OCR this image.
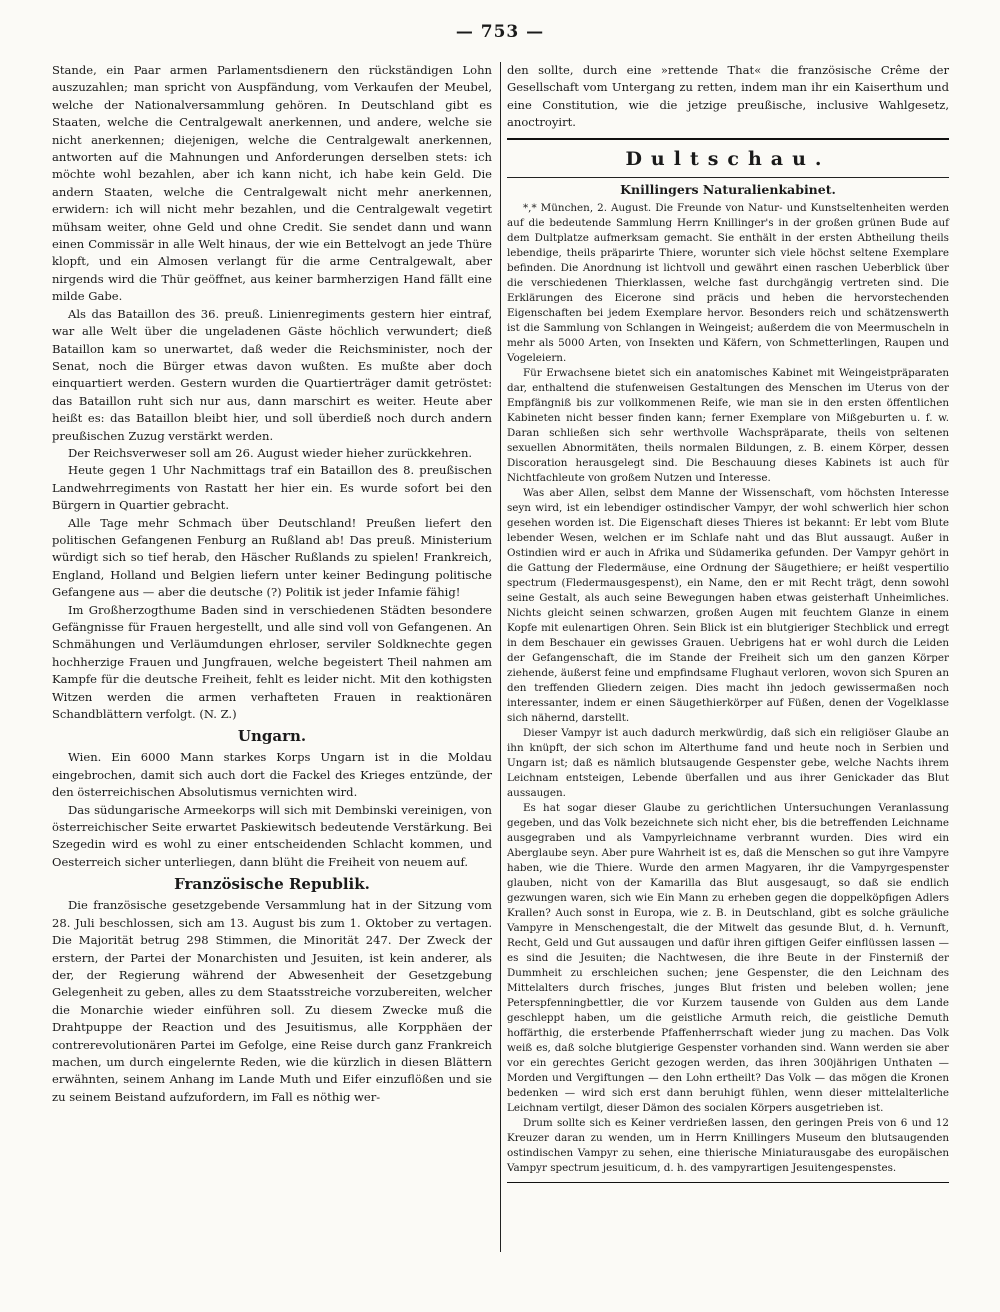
— 753 —

Stande, ein Paar armen Parlamentsdienern den rückständigen Lohn auszuzahlen; man spricht von Auspfändung, vom Verkaufen der Meubel, welche der Nationalversammlung gehören. In Deutschland gibt es Staaten, welche die Centralgewalt anerkennen, und andere, welche sie nicht anerkennen; diejenigen, welche die Centralgewalt anerkennen, antworten auf die Mahnungen und Anforderungen derselben stets: ich möchte wohl bezahlen, aber ich kann nicht, ich habe kein Geld. Die andern Staaten, welche die Centralgewalt nicht mehr anerkennen, erwidern: ich will nicht mehr bezahlen, und die Centralgewalt vegetirt mühsam weiter, ohne Geld und ohne Credit. Sie sendet dann und wann einen Commissär in alle Welt hinaus, der wie ein Bettelvogt an jede Thüre klopft, und ein Almosen verlangt für die arme Centralgewalt, aber nirgends wird die Thür geöffnet, aus keiner barmherzigen Hand fällt eine milde Gabe.

Als das Bataillon des 36. preuß. Linienregiments gestern hier eintraf, war alle Welt über die ungeladenen Gäste höchlich verwundert; dieß Bataillon kam so unerwartet, daß weder die Reichsminister, noch der Senat, noch die Bürger etwas davon wußten. Es mußte aber doch einquartiert werden. Gestern wurden die Quartierträger damit getröstet: das Bataillon ruht sich nur aus, dann marschirt es weiter. Heute aber heißt es: das Bataillon bleibt hier, und soll überdieß noch durch andern preußischen Zuzug verstärkt werden.

Der Reichsverweser soll am 26. August wieder hieher zurückkehren.

Heute gegen 1 Uhr Nachmittags traf ein Bataillon des 8. preußischen Landwehrregiments von Rastatt her hier ein. Es wurde sofort bei den Bürgern in Quartier gebracht.

Alle Tage mehr Schmach über Deutschland! Preußen liefert den politischen Gefangenen Fenburg an Rußland ab! Das preuß. Ministerium würdigt sich so tief herab, den Häscher Rußlands zu spielen! Frankreich, England, Holland und Belgien liefern unter keiner Bedingung politische Gefangene aus — aber die deutsche (?) Politik ist jeder Infamie fähig!

Im Großherzogthume Baden sind in verschiedenen Städten besondere Gefängnisse für Frauen hergestellt, und alle sind voll von Gefangenen. An Schmähungen und Verläumdungen ehrloser, serviler Soldknechte gegen hochherzige Frauen und Jungfrauen, welche begeistert Theil nahmen am Kampfe für die deutsche Freiheit, fehlt es leider nicht. Mit den kothigsten Witzen werden die armen verhafteten Frauen in reaktionären Schandblättern verfolgt. (N. Z.)

Ungarn.

Wien. Ein 6000 Mann starkes Korps Ungarn ist in die Moldau eingebrochen, damit sich auch dort die Fackel des Krieges entzünde, der den österreichischen Absolutismus vernichten wird.

Das südungarische Armeekorps will sich mit Dembinski vereinigen, von österreichischer Seite erwartet Paskiewitsch bedeutende Verstärkung. Bei Szegedin wird es wohl zu einer entscheidenden Schlacht kommen, und Oesterreich sicher unterliegen, dann blüht die Freiheit von neuem auf.

Französische Republik.

Die französische gesetzgebende Versammlung hat in der Sitzung vom 28. Juli beschlossen, sich am 13. August bis zum 1. Oktober zu vertagen. Die Majorität betrug 298 Stimmen, die Minorität 247. Der Zweck der erstern, der Partei der Monarchisten und Jesuiten, ist kein anderer, als der, der Regierung während der Abwesenheit der Gesetzgebung Gelegenheit zu geben, alles zu dem Staatsstreiche vorzubereiten, welcher die Monarchie wieder einführen soll. Zu diesem Zwecke muß die Drahtpuppe der Reaction und des Jesuitismus, alle Korpphäen der contrerevolutionären Partei im Gefolge, eine Reise durch ganz Frankreich machen, um durch eingelernte Reden, wie die kürzlich in diesen Blättern erwähnten, seinem Anhang im Lande Muth und Eifer einzuflößen und sie zu seinem Beistand aufzufordern, im Fall es nöthig wer-

den sollte, durch eine »rettende That« die französische Crême der Gesellschaft vom Untergang zu retten, indem man ihr ein Kaiserthum und eine Constitution, wie die jetzige preußische, inclusive Wahlgesetz, anoctroyirt.

Dultschau.
Knillingers Naturalienkabinet.

*,* München, 2. August. Die Freunde von Natur- und Kunstseltenheiten werden auf die bedeutende Sammlung Herrn Knillinger's in der großen grünen Bude auf dem Dultplatze aufmerksam gemacht. Sie enthält in der ersten Abtheilung theils lebendige, theils präparirte Thiere, worunter sich viele höchst seltene Exemplare befinden. Die Anordnung ist lichtvoll und gewährt einen raschen Ueberblick über die verschiedenen Thierklassen, welche fast durchgängig vertreten sind. Die Erklärungen des Eicerone sind präcis und heben die hervorstechenden Eigenschaften bei jedem Exemplare hervor. Besonders reich und schätzenswerth ist die Sammlung von Schlangen in Weingeist; außerdem die von Meermuscheln in mehr als 5000 Arten, von Insekten und Käfern, von Schmetterlingen, Raupen und Vogeleiern.

Für Erwachsene bietet sich ein anatomisches Kabinet mit Weingeistpräparaten dar, enthaltend die stufenweisen Gestaltungen des Menschen im Uterus von der Empfängniß bis zur vollkommenen Reife, wie man sie in den ersten öffentlichen Kabineten nicht besser finden kann; ferner Exemplare von Mißgeburten u. f. w. Daran schließen sich sehr werthvolle Wachspräparate, theils von seltenen sexuellen Abnormitäten, theils normalen Bildungen, z. B. einem Körper, dessen Discoration herausgelegt sind. Die Beschauung dieses Kabinets ist auch für Nichtfachleute von großem Nutzen und Interesse.

Was aber Allen, selbst dem Manne der Wissenschaft, vom höchsten Interesse seyn wird, ist ein lebendiger ostindischer Vampyr, der wohl schwerlich hier schon gesehen worden ist. Die Eigenschaft dieses Thieres ist bekannt: Er lebt vom Blute lebender Wesen, welchen er im Schlafe naht und das Blut aussaugt. Außer in Ostindien wird er auch in Afrika und Südamerika gefunden. Der Vampyr gehört in die Gattung der Fledermäuse, eine Ordnung der Säugethiere; er heißt vespertilio spectrum (Fledermausgespenst), ein Name, den er mit Recht trägt, denn sowohl seine Gestalt, als auch seine Bewegungen haben etwas geisterhaft Unheimliches. Nichts gleicht seinen schwarzen, großen Augen mit feuchtem Glanze in einem Kopfe mit eulenartigen Ohren. Sein Blick ist ein blutgieriger Stechblick und erregt in dem Beschauer ein gewisses Grauen. Uebrigens hat er wohl durch die Leiden der Gefangenschaft, die im Stande der Freiheit sich um den ganzen Körper ziehende, äußerst feine und empfindsame Flughaut verloren, wovon sich Spuren an den treffenden Gliedern zeigen. Dies macht ihn jedoch gewissermaßen noch interessanter, indem er einen Säugethierkörper auf Füßen, denen der Vogelklasse sich nähernd, darstellt.

Dieser Vampyr ist auch dadurch merkwürdig, daß sich ein religiöser Glaube an ihn knüpft, der sich schon im Alterthume fand und heute noch in Serbien und Ungarn ist; daß es nämlich blutsaugende Gespenster gebe, welche Nachts ihrem Leichnam entsteigen, Lebende überfallen und aus ihrer Genickader das Blut aussaugen.

Es hat sogar dieser Glaube zu gerichtlichen Untersuchungen Veranlassung gegeben, und das Volk bezeichnete sich nicht eher, bis die betreffenden Leichname ausgegraben und als Vampyrleichname verbrannt wurden. Dies wird ein Aberglaube seyn. Aber pure Wahrheit ist es, daß die Menschen so gut ihre Vampyre haben, wie die Thiere. Wurde den armen Magyaren, ihr die Vampyrgespenster glauben, nicht von der Kamarilla das Blut ausgesaugt, so daß sie endlich gezwungen waren, sich wie Ein Mann zu erheben gegen die doppelköpfigen Adlers Krallen? Auch sonst in Europa, wie z. B. in Deutschland, gibt es solche gräuliche Vampyre in Menschengestalt, die der Mitwelt das gesunde Blut, d. h. Vernunft, Recht, Geld und Gut aussaugen und dafür ihren giftigen Geifer einflüssen lassen — es sind die Jesuiten; die Nachtwesen, die ihre Beute in der Finsterniß der Dummheit zu erschleichen suchen; jene Gespenster, die den Leichnam des Mittelalters durch frisches, junges Blut fristen und beleben wollen; jene Peterspfenningbettler, die vor Kurzem tausende von Gulden aus dem Lande geschleppt haben, um die geistliche Armuth reich, die geistliche Demuth hoffärthig, die ersterbende Pfaffenherrschaft wieder jung zu machen. Das Volk weiß es, daß solche blutgierige Gespenster vorhanden sind. Wann werden sie aber vor ein gerechtes Gericht gezogen werden, das ihren 300jährigen Unthaten — Morden und Vergiftungen — den Lohn ertheilt? Das Volk — das mögen die Kronen bedenken — wird sich erst dann beruhigt fühlen, wenn dieser mittelalterliche Leichnam vertilgt, dieser Dämon des socialen Körpers ausgetrieben ist.

Drum sollte sich es Keiner verdrießen lassen, den geringen Preis von 6 und 12 Kreuzer daran zu wenden, um in Herrn Knillingers Museum den blutsaugenden ostindischen Vampyr zu sehen, eine thierische Miniaturausgabe des europäischen Vampyr spectrum jesuiticum, d. h. des vampyrartigen Jesuitengespenstes.
